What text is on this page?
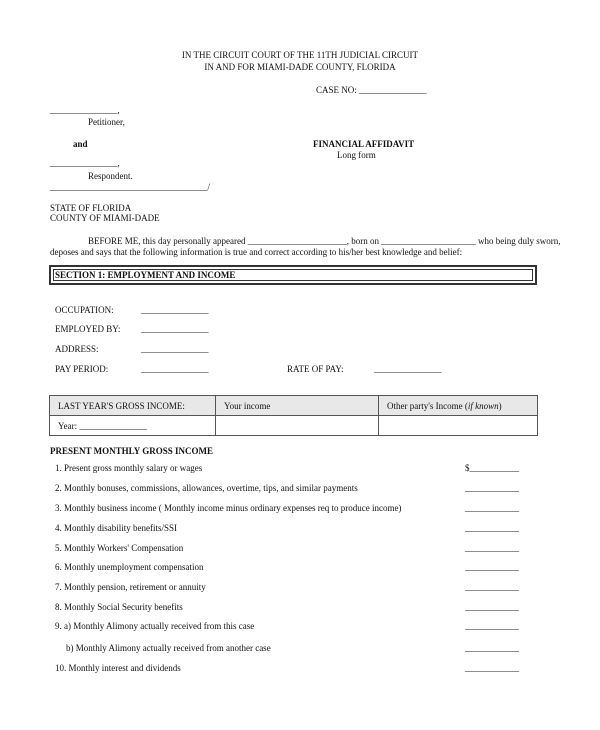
IN THE CIRCUIT COURT OF THE 11TH JUDICIAL CIRCUIT
IN AND FOR MIAMI-DADE COUNTY, FLORIDA
CASE NO: _______________
_______________,
Petitioner,
and
_______________,
Respondent.
___________________________________/
FINANCIAL AFFIDAVIT
Long form
STATE OF FLORIDA
COUNTY OF MIAMI-DADE
BEFORE ME, this day personally appeared ______________________, born on _____________________ who being duly sworn,
deposes and says that the following information is true and correct according to his/her best knowledge and belief:
SECTION 1: EMPLOYMENT AND INCOME
OCCUPATION:	_______________
EMPLOYED BY: _______________
ADDRESS:	_______________
PAY PERIOD:	_______________	RATE OF PAY:	_______________
LAST YEAR'S GROSS INCOME:	Your income	Other party's Income (if known)
Year: _______________		
PRESENT MONTHLY GROSS INCOME
1. Present gross monthly salary or wages	$___________
2. Monthly bonuses, commissions, allowances, overtime, tips, and similar payments	____________
3. Monthly business income ( Monthly income minus ordinary expenses req to produce income)	____________
4. Monthly disability benefits/SSI	____________
5. Monthly Workers' Compensation	____________
6. Monthly unemployment compensation	____________
7. Monthly pension, retirement or annuity	____________
8. Monthly Social Security benefits	____________
9. a) Monthly Alimony actually received from this case	____________
b) Monthly Alimony actually received from another case	____________
10. Monthly interest and dividends	____________
